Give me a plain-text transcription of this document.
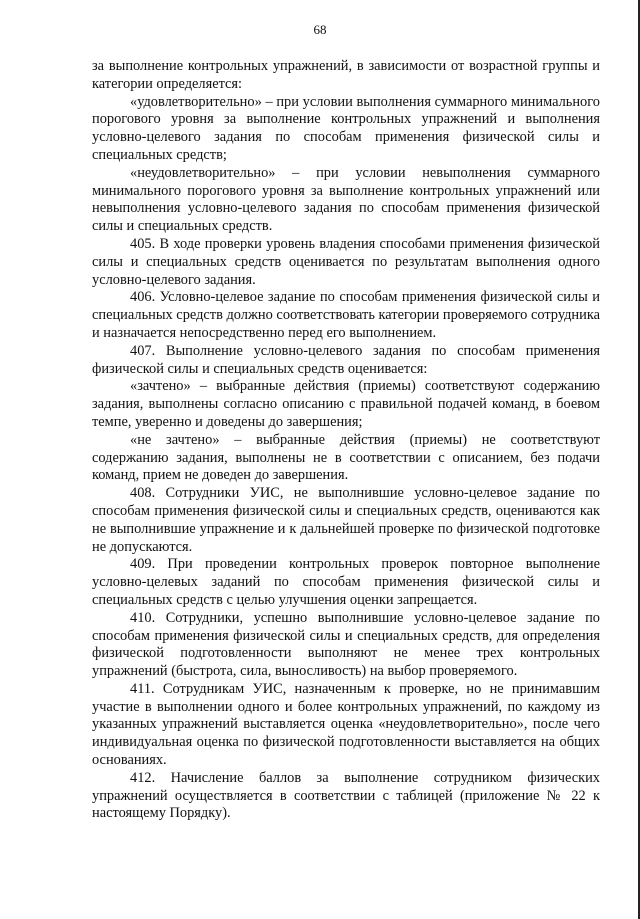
68

за выполнение контрольных упражнений, в зависимости от возрастной группы и категории определяется:

«удовлетворительно» – при условии выполнения суммарного минимального порогового уровня за выполнение контрольных упражнений и выполнения условно-целевого задания по способам применения физической силы и специальных средств;

«неудовлетворительно» – при условии невыполнения суммарного минимального порогового уровня за выполнение контрольных упражнений или невыполнения условно-целевого задания по способам применения физической силы и специальных средств.

405. В ходе проверки уровень владения способами применения физической силы и специальных средств оценивается по результатам выполнения одного условно-целевого задания.

406. Условно-целевое задание по способам применения физической силы и специальных средств должно соответствовать категории проверяемого сотрудника и назначается непосредственно перед его выполнением.

407. Выполнение условно-целевого задания по способам применения физической силы и специальных средств оценивается:

«зачтено» – выбранные действия (приемы) соответствуют содержанию задания, выполнены согласно описанию с правильной подачей команд, в боевом темпе, уверенно и доведены до завершения;

«не зачтено» – выбранные действия (приемы) не соответствуют содержанию задания, выполнены не в соответствии с описанием, без подачи команд, прием не доведен до завершения.

408. Сотрудники УИС, не выполнившие условно-целевое задание по способам применения физической силы и специальных средств, оцениваются как не выполнившие упражнение и к дальнейшей проверке по физической подготовке не допускаются.

409. При проведении контрольных проверок повторное выполнение условно-целевых заданий по способам применения физической силы и специальных средств с целью улучшения оценки запрещается.

410. Сотрудники, успешно выполнившие условно-целевое задание по способам применения физической силы и специальных средств, для определения физической подготовленности выполняют не менее трех контрольных упражнений (быстрота, сила, выносливость) на выбор проверяемого.

411. Сотрудникам УИС, назначенным к проверке, но не принимавшим участие в выполнении одного и более контрольных упражнений, по каждому из указанных упражнений выставляется оценка «неудовлетворительно», после чего индивидуальная оценка по физической подготовленности выставляется на общих основаниях.

412. Начисление баллов за выполнение сотрудником физических упражнений осуществляется в соответствии с таблицей (приложение № 22 к настоящему Порядку).
